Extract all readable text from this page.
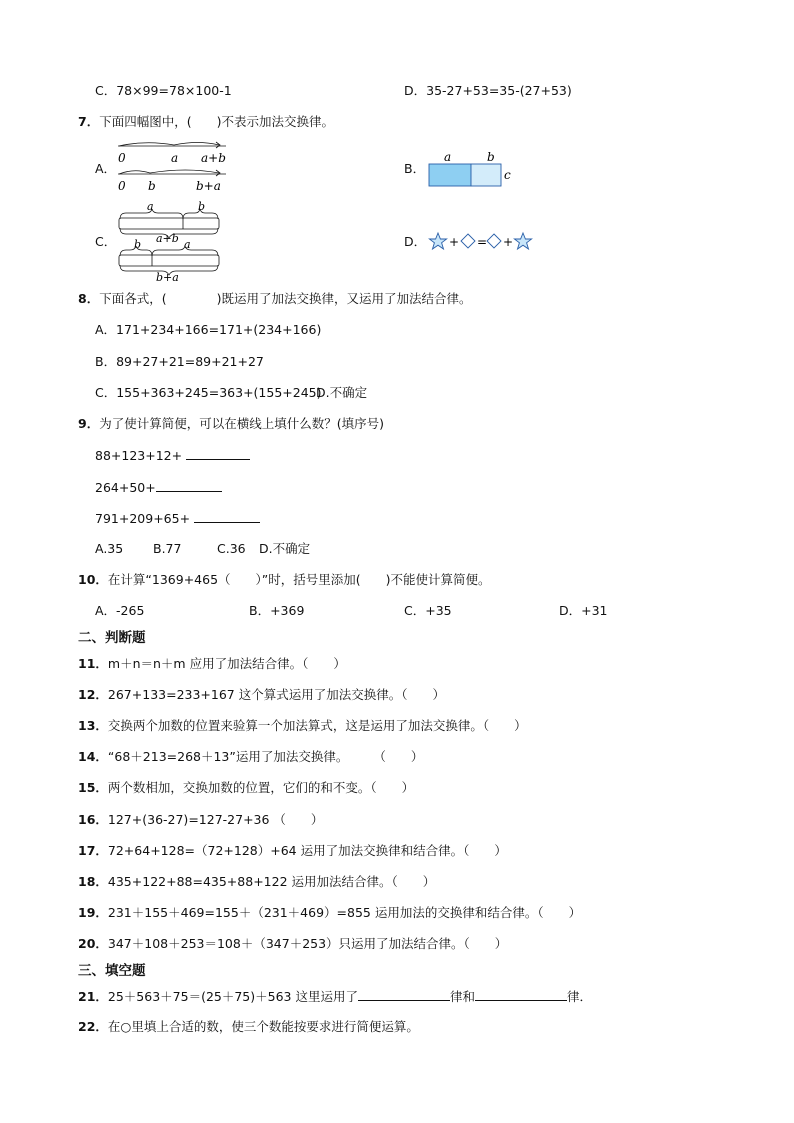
C．78×99=78×100-1	D．35-27+53=35-(27+53)
7．下面四幅图中，(　　)不表示加法交换律。
A．
0	a a+b
0 b	b+a
B．
a	b
c
C．
a	b
a+b
b	a
b+a
D． + = +
8．下面各式，(　　　　)既运用了加法交换律，又运用了加法结合律。
A．171+234+166=171+(234+166)
B．89+27+21=89+21+27
C．155+363+245=363+(155+245)
D.不确定
9．为了使计算简便，可以在横线上填什么数？(填序号)
88+123+12+
264+50+
791+209+65+
A.35 B.77	C.36 D.不确定
10．在计算“1369+465（　　）”时，括号里添加(　　)不能使计算简便。
A．-265	B．+369	C．+35	D．+31
二、判断题
11．m＋n＝n＋m 应用了加法结合律。（　　）
12．267+133=233+167 这个算式运用了加法交换律。（　　）
13．交换两个加数的位置来验算一个加法算式，这是运用了加法交换律。（　　）
14．“68＋213=268＋13”运用了加法交换律。　　　（　　）
15．两个数相加，交换加数的位置，它们的和不变。（　　）
16．127+(36-27)=127-27+36 （　　）
17．72+64+128=（72+128）+64 运用了加法交换律和结合律。（　　）
18．435+122+88=435+88+122 运用加法结合律。（　　）
19．231＋155＋469=155＋（231＋469）=855 运用加法的交换律和结合律。（　　）
20．347＋108＋253＝108＋（347＋253）只运用了加法结合律。（　　）
三、填空题
21．25＋563＋75＝(25＋75)＋563 这里运用了	律和	律．
22．在○里填上合适的数，使三个数能按要求进行简便运算。
